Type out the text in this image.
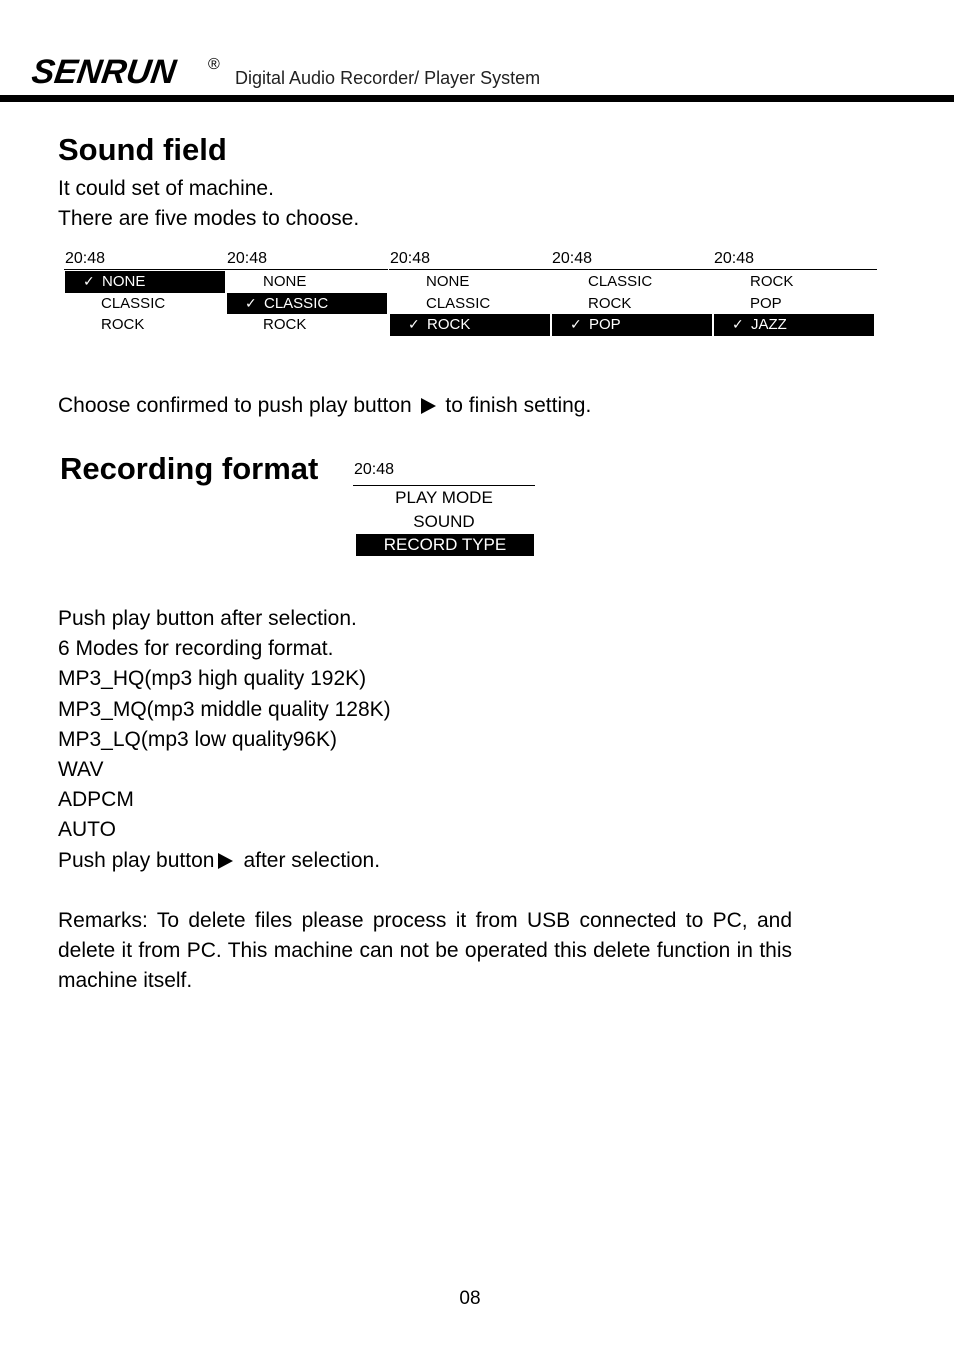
SENRUN ®
Digital Audio Recorder/ Player System
Sound field
It could set of machine.
There are five modes to choose.
20:48
✓ NONE
CLASSIC
ROCK
20:48
NONE
✓ CLASSIC
ROCK
20:48
NONE
CLASSIC
✓ ROCK
20:48
CLASSIC
ROCK
✓ POP
20:48
ROCK
POP
✓ JAZZ
Choose confirmed to push play button to finish setting.
Recording format 20:48
PLAY MODE
SOUND
RECORD TYPE
Push play button after selection.
6 Modes for recording format.
MP3_HQ(mp3 high quality 192K)
MP3_MQ(mp3 middle quality 128K)
MP3_LQ(mp3 low quality96K)
WAV
ADPCM
AUTO
Push play button after selection.
Remarks: To delete files please process it from USB connected to PC, and delete it from PC. This machine can not be operated this delete function in this machine itself.
08
